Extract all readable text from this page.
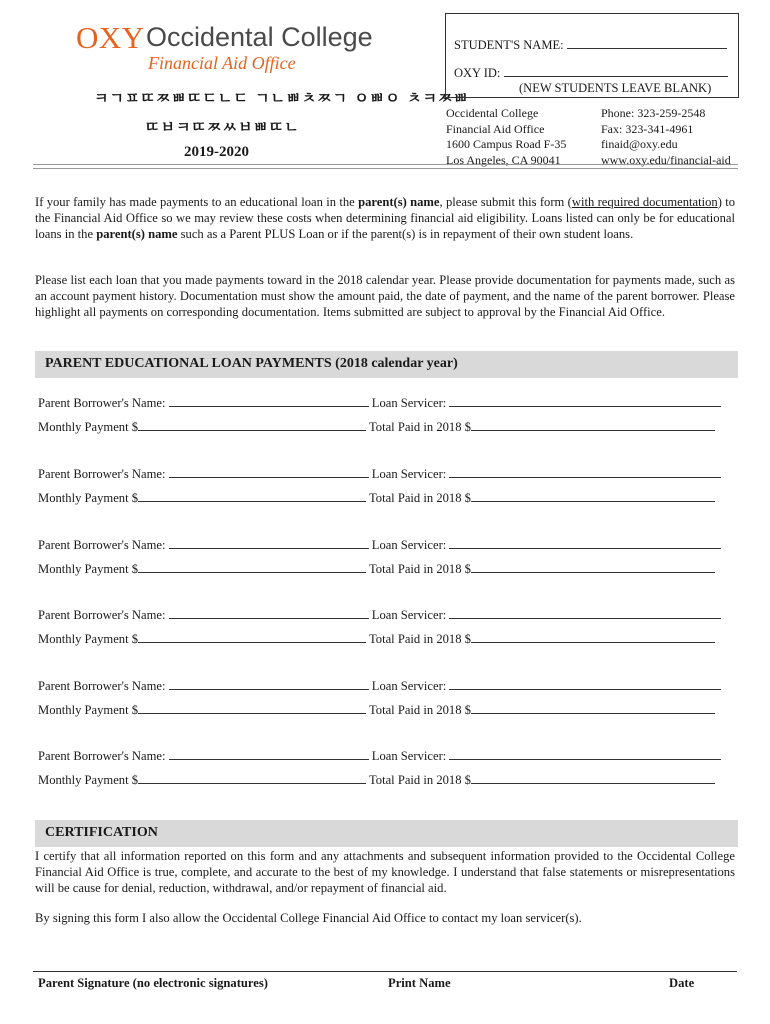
OXY Occidental College
Financial Aid Office
ㅋㄱㅍㄸㅉㅃㄸㄷㄴㄷ ㄱㄴㅃㅊㅉㄱ ㅇㅃㅇ ㅊㅋㅉㅃ
ㄸㅂㅋㄸㅉㅆㅂㅃㄸㄴ
2019-2020
STUDENT'S NAME:
OXY ID:
(NEW STUDENTS LEAVE BLANK)
Occidental College
Financial Aid Office
1600 Campus Road F-35
Los Angeles, CA 90041
Phone: 323-259-2548
Fax: 323-341-4961
finaid@oxy.edu
www.oxy.edu/financial-aid
If your family has made payments to an educational loan in the parent(s) name, please submit this form (with required documentation) to the Financial Aid Office so we may review these costs when determining financial aid eligibility. Loans listed can only be for educational loans in the parent(s) name such as a Parent PLUS Loan or if the parent(s) is in repayment of their own student loans.
Please list each loan that you made payments toward in the 2018 calendar year. Please provide documentation for payments made, such as an account payment history. Documentation must show the amount paid, the date of payment, and the name of the parent borrower. Please highlight all payments on corresponding documentation. Items submitted are subject to approval by the Financial Aid Office.
PARENT EDUCATIONAL LOAN PAYMENTS (2018 calendar year)
Parent Borrower's Name:	Loan Servicer:
Monthly Payment $	Total Paid in 2018 $
Parent Borrower's Name:	Loan Servicer:
Monthly Payment $	Total Paid in 2018 $
Parent Borrower's Name:	Loan Servicer:
Monthly Payment $	Total Paid in 2018 $
Parent Borrower's Name:	Loan Servicer:
Monthly Payment $	Total Paid in 2018 $
Parent Borrower's Name:	Loan Servicer:
Monthly Payment $	Total Paid in 2018 $
Parent Borrower's Name:	Loan Servicer:
Monthly Payment $	Total Paid in 2018 $
CERTIFICATION
I certify that all information reported on this form and any attachments and subsequent information provided to the Occidental College Financial Aid Office is true, complete, and accurate to the best of my knowledge. I understand that false statements or misrepresentations will be cause for denial, reduction, withdrawal, and/or repayment of financial aid.
By signing this form I also allow the Occidental College Financial Aid Office to contact my loan servicer(s).
Parent Signature (no electronic signatures)	Print Name	Date
